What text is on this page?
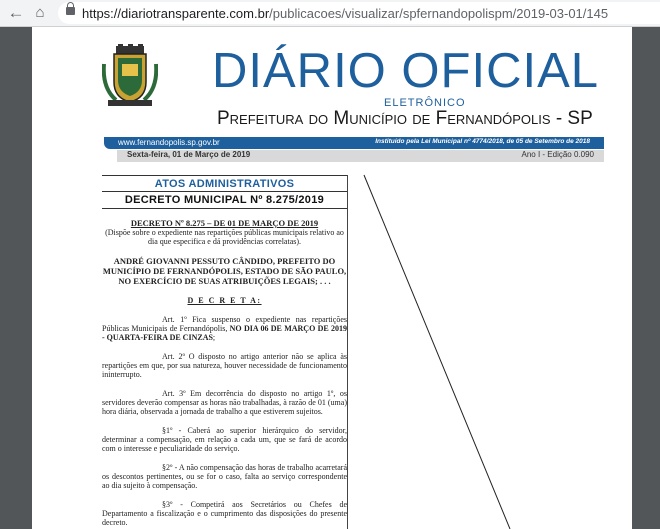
← ⌂	https://diariotransparente.com.br/publicacoes/visualizar/spfernandopolispm/2019-03-01/145
DIÁRIO OFICIAL
ELETRÔNICO
Prefeitura do Município de Fernandópolis - SP
www.fernandopolis.sp.gov.br	Instituído pela Lei Municipal nº 4774/2018, de 05 de Setembro de 2018
Sexta-feira, 01 de Março de 2019	Ano I - Edição 0.090
ATOS ADMINISTRATIVOS
DECRETO MUNICIPAL Nº 8.275/2019

DECRETO Nº 8.275 – DE 01 DE MARÇO DE 2019

(Dispõe sobre o expediente nas repartições públicas municipais relativo ao dia que especifica e dá providências correlatas).

ANDRÉ GIOVANNI PESSUTO CÂNDIDO, PREFEITO DO MUNICÍPIO DE FERNANDÓPOLIS, ESTADO DE SÃO PAULO, NO EXERCÍCIO DE SUAS ATRIBUIÇÕES LEGAIS; . . .

D E C R E T A:

Art. 1º Fica suspenso o expediente nas repartições Públicas Municipais de Fernandópolis, NO DIA 06 DE MARÇO DE 2019 - QUARTA-FEIRA DE CINZAS;

Art. 2º O disposto no artigo anterior não se aplica às repartições em que, por sua natureza, houver necessidade de funcionamento ininterrupto.

Art. 3º Em decorrência do disposto no artigo 1º, os servidores deverão compensar as horas não trabalhadas, à razão de 01 (uma) hora diária, observada a jornada de trabalho a que estiverem sujeitos.

§1º - Caberá ao superior hierárquico do servidor, determinar a compensação, em relação a cada um, que se fará de acordo com o interesse e peculiaridade do serviço.

§2º - A não compensação das horas de trabalho acarretará os descontos pertinentes, ou se for o caso, falta ao serviço correspondente ao dia sujeito à compensação.

§3º - Competirá aos Secretários ou Chefes de Departamento a fiscalização e o cumprimento das disposições do presente decreto.
